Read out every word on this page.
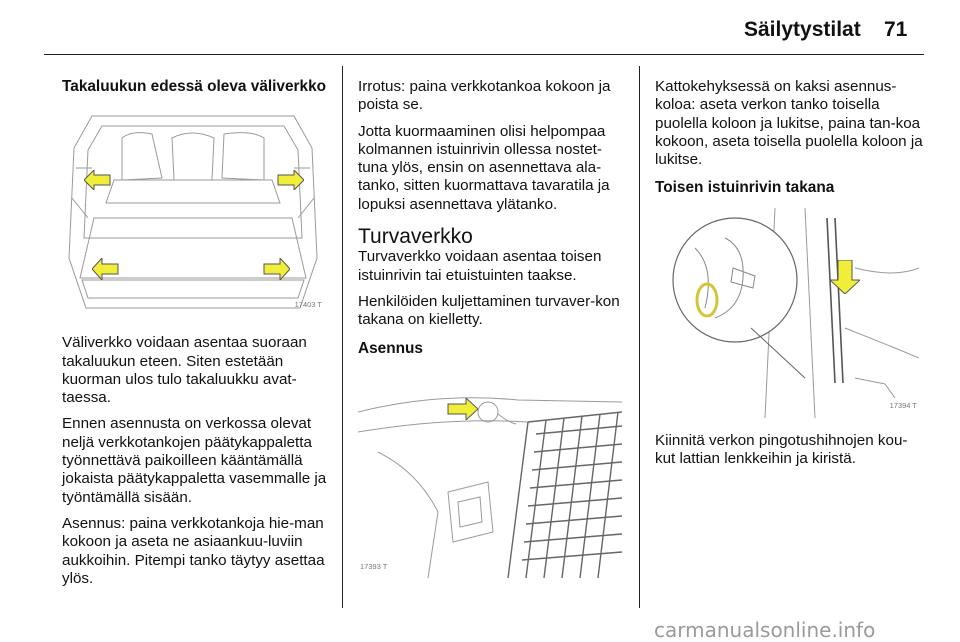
Säilytystilat 71
Takaluukun edessä oleva väliverkko
17403 T

Väliverkko voidaan asentaa suoraan takaluukun eteen. Siten estetään kuorman ulos tulo takaluukku avat-taessa.

Ennen asennusta on verkossa olevat neljä verkkotankojen päätykappaletta työnnettävä paikoilleen kääntämällä jokaista päätykappaletta vasemmalle ja työntämällä sisään.

Asennus: paina verkkotankoja hie-man kokoon ja aseta ne asiaankuu-luviin aukkoihin. Pitempi tanko täytyy asettaa ylös.

Irrotus: paina verkkotankoa kokoon ja poista se.

Jotta kuormaaminen olisi helpompaa kolmannen istuinrivin ollessa nostet-tuna ylös, ensin on asennettava ala-tanko, sitten kuormattava tavaratila ja lopuksi asennettava ylätanko.

Turvaverkko

Turvaverkko voidaan asentaa toisen istuinrivin tai etuistuinten taakse.

Henkilöiden kuljettaminen turvaver-kon takana on kielletty.

Asennus
17393 T

Kattokehyksessä on kaksi asennus-koloa: aseta verkon tanko toisella puolella koloon ja lukitse, paina tan-koa kokoon, aseta toisella puolella koloon ja lukitse.

Toisen istuinrivin takana
17394 T

Kiinnitä verkon pingotushihnojen kou-kut lattian lenkkeihin ja kiristä.

carmanualsonline.info
